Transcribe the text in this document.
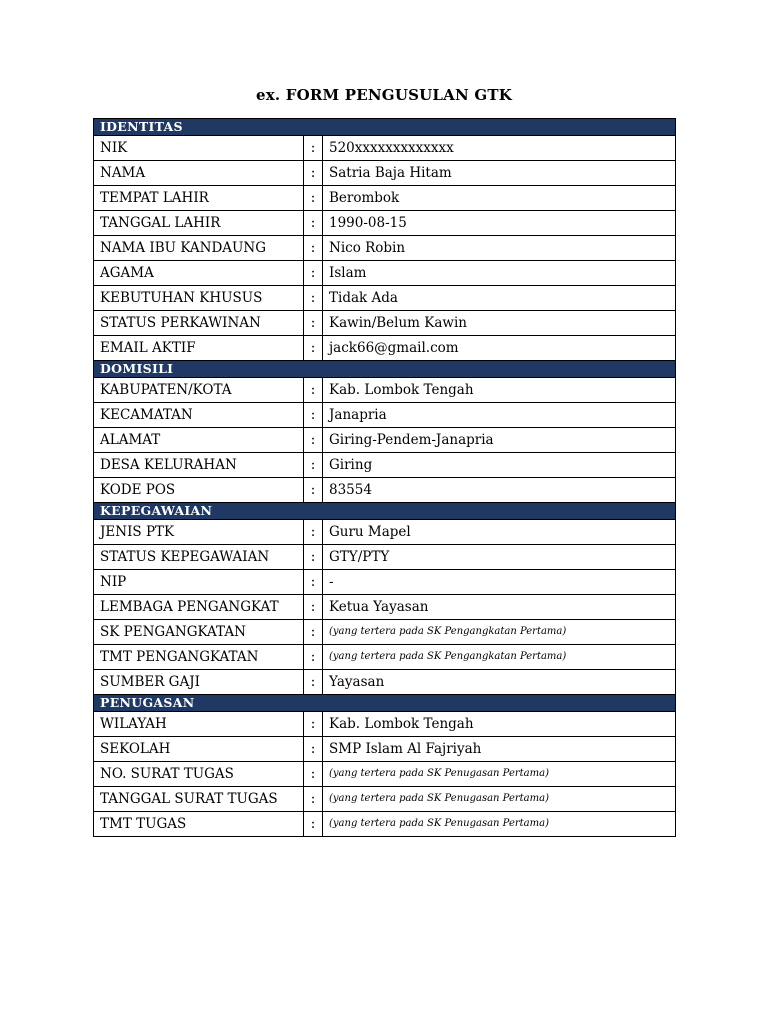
ex. FORM PENGUSULAN GTK
IDENTITAS		
NIK	:	520xxxxxxxxxxxxx
NAMA	:	Satria Baja Hitam
TEMPAT LAHIR	:	Berombok
TANGGAL LAHIR	:	1990-08-15
NAMA IBU KANDAUNG	:	Nico Robin
AGAMA	:	Islam
KEBUTUHAN KHUSUS	:	Tidak Ada
STATUS PERKAWINAN	:	Kawin/Belum Kawin
EMAIL AKTIF	:	jack66@gmail.com
DOMISILI		
KABUPATEN/KOTA	:	Kab. Lombok Tengah
KECAMATAN	:	Janapria
ALAMAT	:	Giring-Pendem-Janapria
DESA KELURAHAN	:	Giring
KODE POS	:	83554
KEPEGAWAIAN		
JENIS PTK	:	Guru Mapel
STATUS KEPEGAWAIAN	:	GTY/PTY
NIP	:	-
LEMBAGA PENGANGKAT	:	Ketua Yayasan
SK PENGANGKATAN	:	(yang tertera pada SK Pengangkatan Pertama)
TMT PENGANGKATAN	:	(yang tertera pada SK Pengangkatan Pertama)
SUMBER GAJI	:	Yayasan
PENUGASAN		
WILAYAH	:	Kab. Lombok Tengah
SEKOLAH	:	SMP Islam Al Fajriyah
NO. SURAT TUGAS	:	(yang tertera pada SK Penugasan Pertama)
TANGGAL SURAT TUGAS	:	(yang tertera pada SK Penugasan Pertama)
TMT TUGAS	:	(yang tertera pada SK Penugasan Pertama)
